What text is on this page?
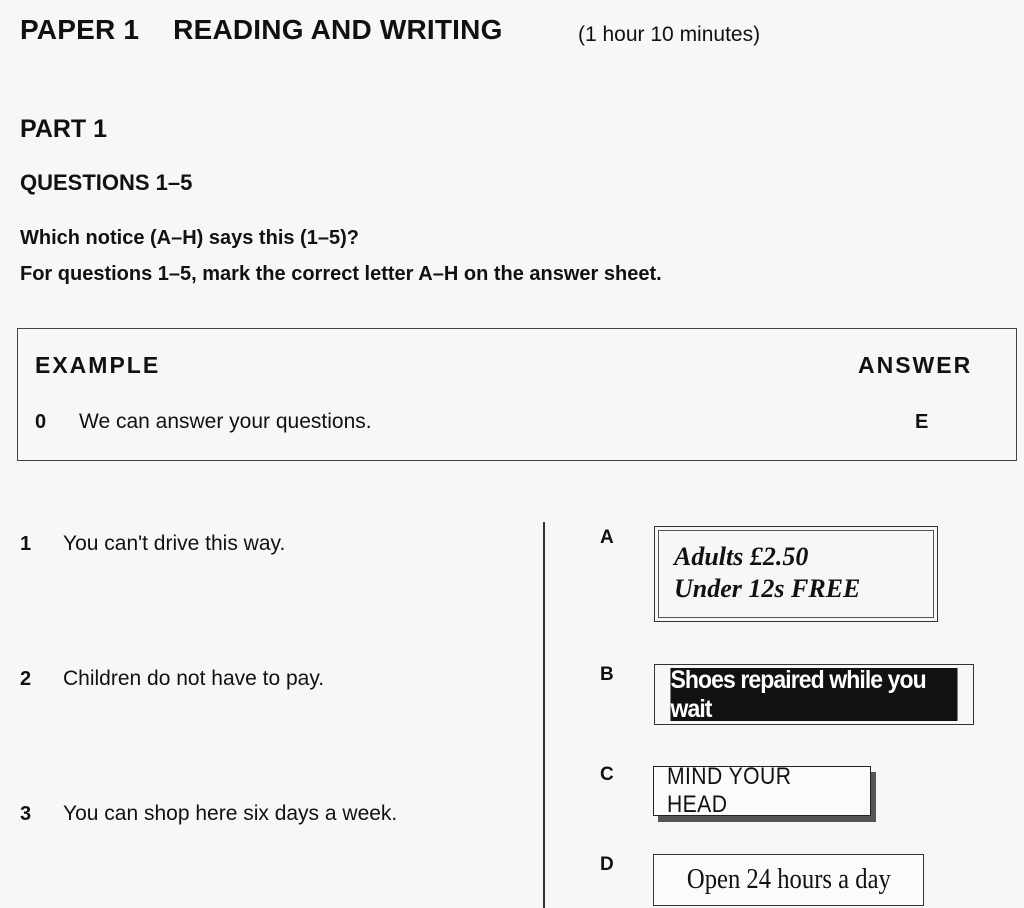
PAPER 1 READING AND WRITING	(1 hour 10 minutes)
PART 1
QUESTIONS 1–5
Which notice (A–H) says this (1–5)?
For questions 1–5, mark the correct letter A–H on the answer sheet.
EXAMPLE	ANSWER
0 We can answer your questions.	E
1 You can't drive this way.
2 Children do not have to pay.
3 You can shop here six days a week.
A
Adults £2.50
Under 12s FREE
B Shoes repaired while you wait
C MIND YOUR HEAD
D	Open 24 hours a day
